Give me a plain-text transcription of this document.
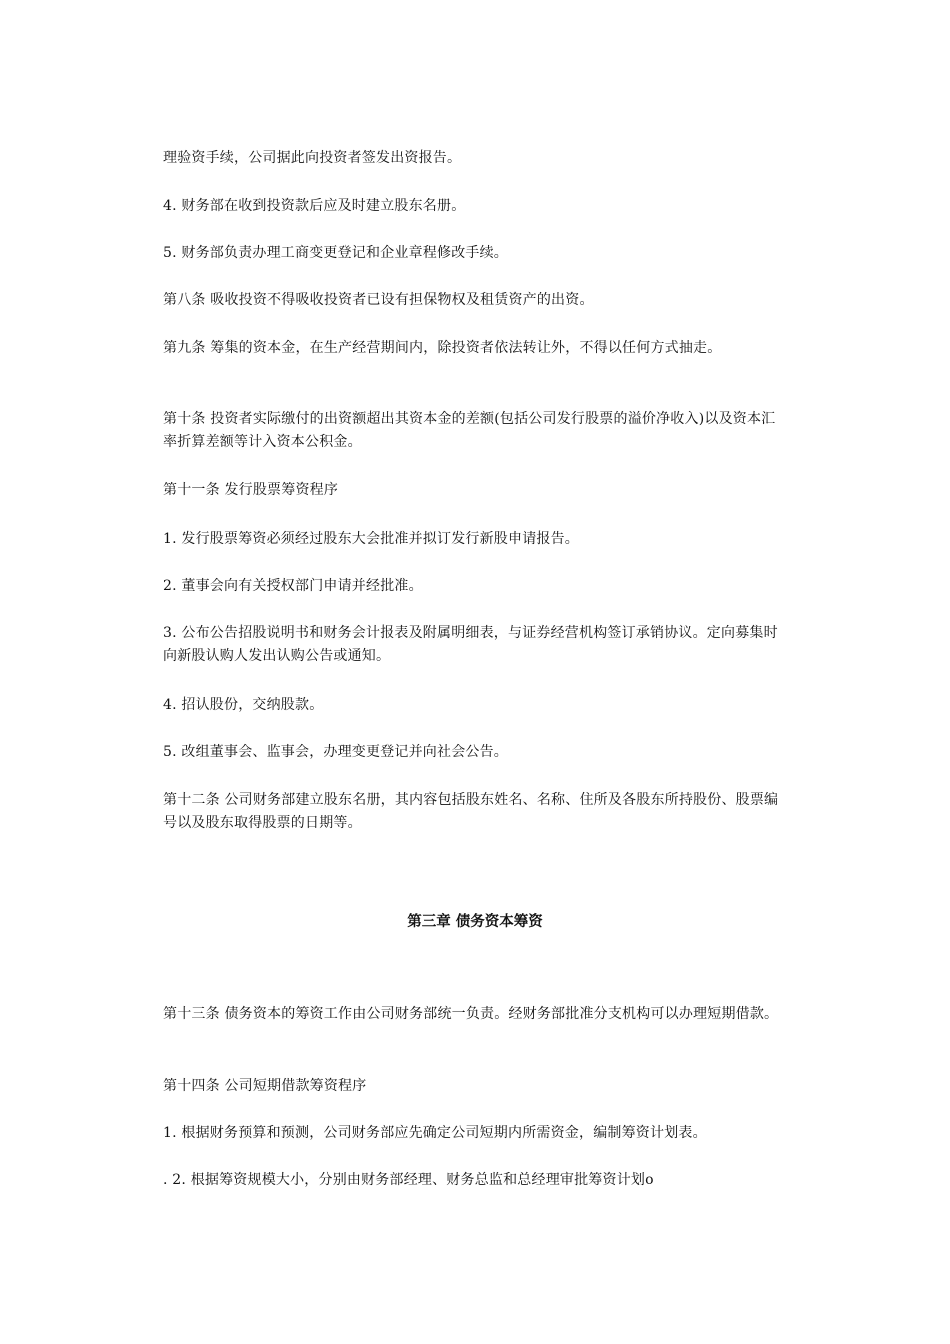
理验资手续，公司据此向投资者签发出资报告。

4. 财务部在收到投资款后应及时建立股东名册。

5. 财务部负责办理工商变更登记和企业章程修改手续。

第八条 吸收投资不得吸收投资者已设有担保物权及租赁资产的出资。

第九条 筹集的资本金，在生产经营期间内，除投资者依法转让外，不得以任何方式抽走。

第十条 投资者实际缴付的出资额超出其资本金的差额(包括公司发行股票的溢价净收入)以及资本汇率折算差额等计入资本公积金。

第十一条 发行股票筹资程序

1. 发行股票筹资必须经过股东大会批准并拟订发行新股申请报告。

2. 董事会向有关授权部门申请并经批准。

3. 公布公告招股说明书和财务会计报表及附属明细表，与证券经营机构签订承销协议。定向募集时向新股认购人发出认购公告或通知。

4. 招认股份，交纳股款。

5. 改组董事会、监事会，办理变更登记并向社会公告。

第十二条 公司财务部建立股东名册，其内容包括股东姓名、名称、住所及各股东所持股份、股票编号以及股东取得股票的日期等。

第三章 债务资本筹资

第十三条 债务资本的筹资工作由公司财务部统一负责。经财务部批准分支机构可以办理短期借款。

第十四条 公司短期借款筹资程序

1. 根据财务预算和预测，公司财务部应先确定公司短期内所需资金，编制筹资计划表。

. 2. 根据筹资规模大小，分别由财务部经理、财务总监和总经理审批筹资计划o
